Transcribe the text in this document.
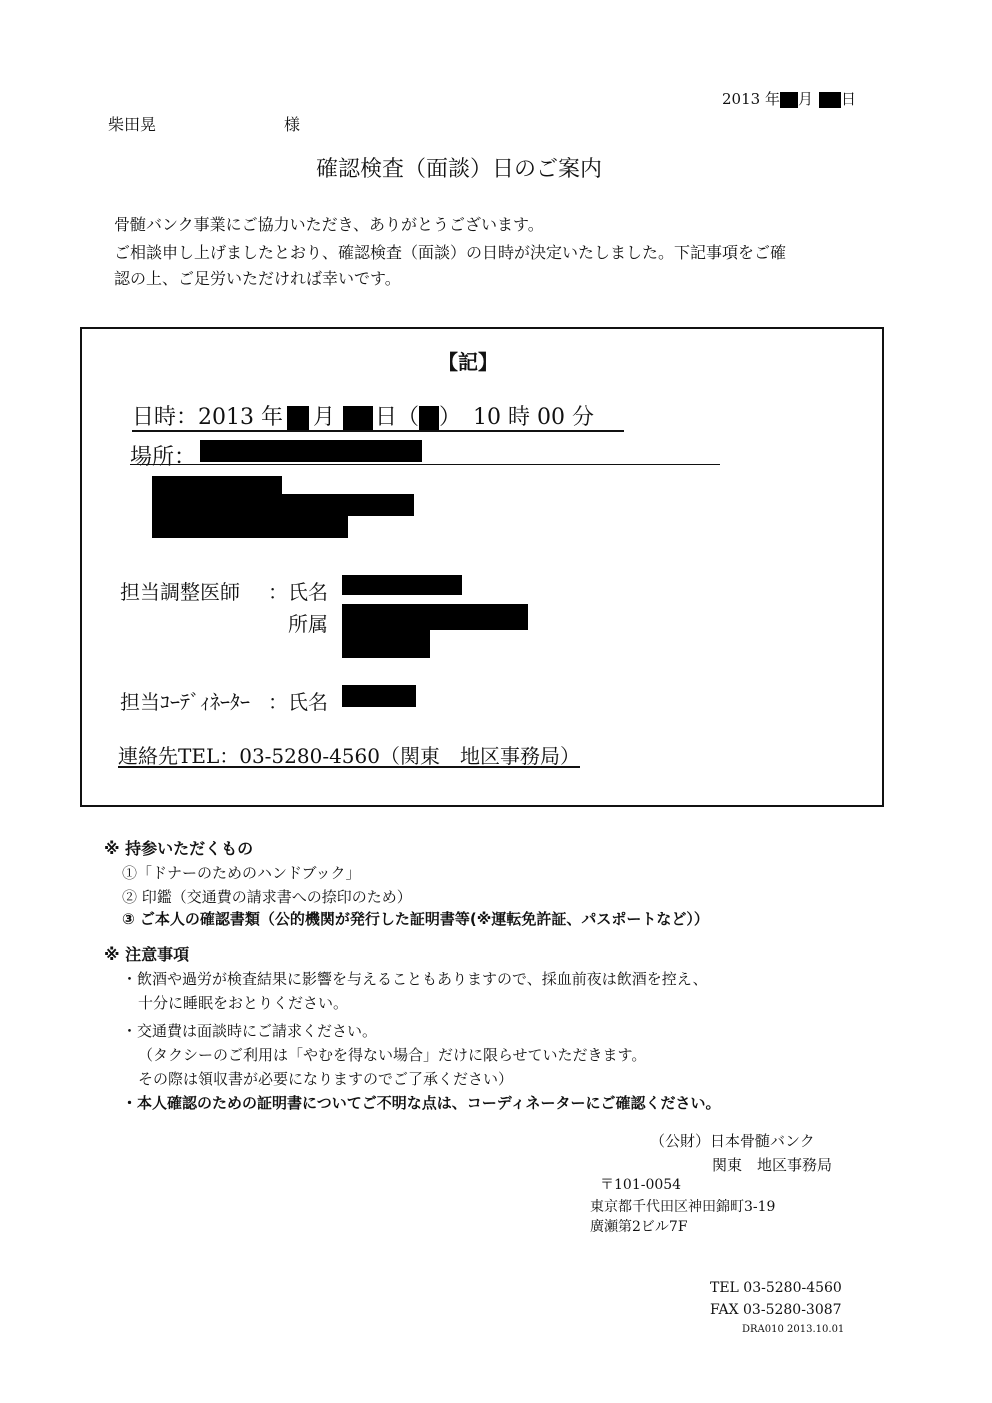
2013 年 月 日
柴田晃	様
確認検査（面談）日のご案内
骨髄バンク事業にご協力いただき、ありがとうございます。
ご相談申し上げましたとおり、確認検査（面談）の日時が決定いたしました。下記事項をご確
認の上、ご足労いただければ幸いです。
【記】
日時：2013 年 月 日（ ） 10 時 00 分
場所：
担当調整医師 ：氏名
所属
担当ｺｰﾃﾞｨﾈｰﾀｰ ：氏名
連絡先TEL：03-5280-4560（関東　地区事務局）
※ 持参いただくもの
①「ドナーのためのハンドブック」
② 印鑑（交通費の請求書への捺印のため）
③ ご本人の確認書類（公的機関が発行した証明書等(※運転免許証、パスポートなど））
※ 注意事項
・飲酒や過労が検査結果に影響を与えることもありますので、採血前夜は飲酒を控え、
十分に睡眠をおとりください。
・交通費は面談時にご請求ください。
（タクシーのご利用は「やむを得ない場合」だけに限らせていただきます。
その際は領収書が必要になりますのでご了承ください）
・本人確認のための証明書についてご不明な点は、コーディネーターにご確認ください。
（公財）日本骨髄バンク
関東　地区事務局
〒101-0054
東京都千代田区神田錦町3-19
廣瀬第2ビル7F
TEL 03-5280-4560
FAX 03-5280-3087
DRA010 2013.10.01
